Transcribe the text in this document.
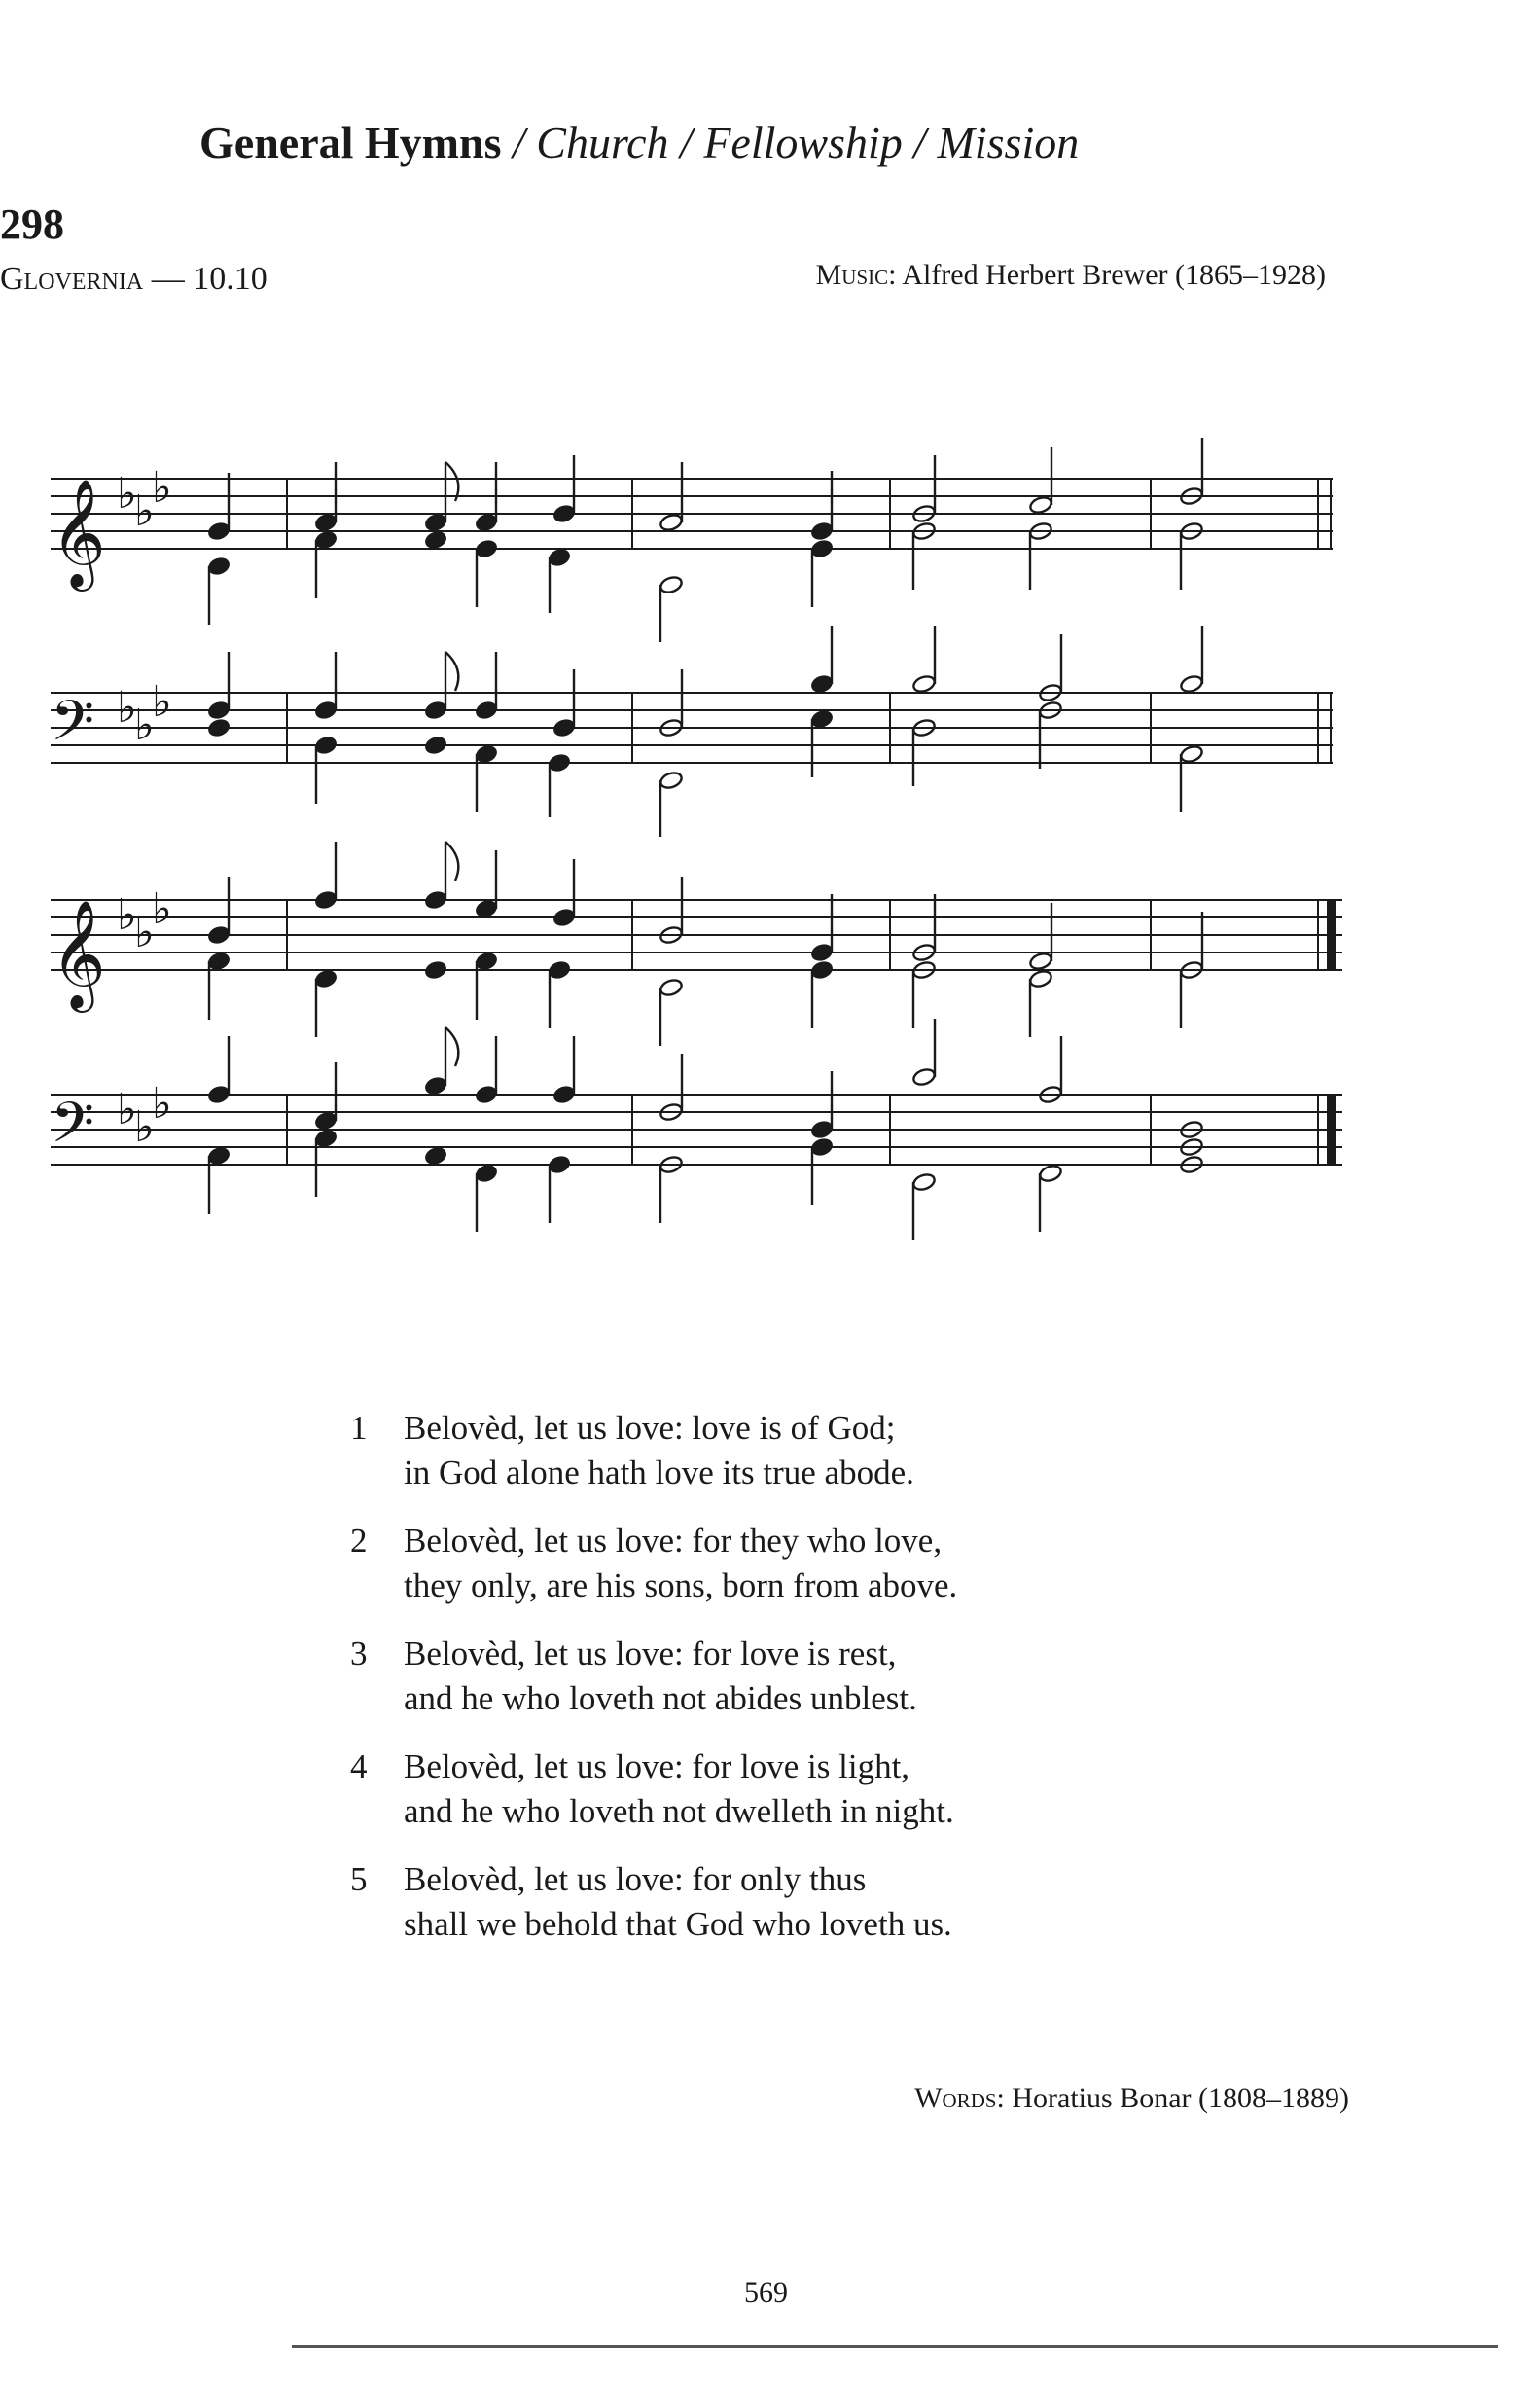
General Hymns / Church / Fellowship / Mission
298
Glovernia — 10.10	Music: Alfred Herbert Brewer (1865–1928)
𝄞
𝄢
♭
♭
♭
♭
♭
♭
𝄞
𝄢
♭
♭
♭
♭
♭
♭
1	Belovèd, let us love: love is of God;
in God alone hath love its true abode.
2	Belovèd, let us love: for they who love,
they only, are his sons, born from above.
3	Belovèd, let us love: for love is rest,
and he who loveth not abides unblest.
4	Belovèd, let us love: for love is light,
and he who loveth not dwelleth in night.
5	Belovèd, let us love: for only thus
shall we behold that God who loveth us.
Words: Horatius Bonar (1808–1889)
569
